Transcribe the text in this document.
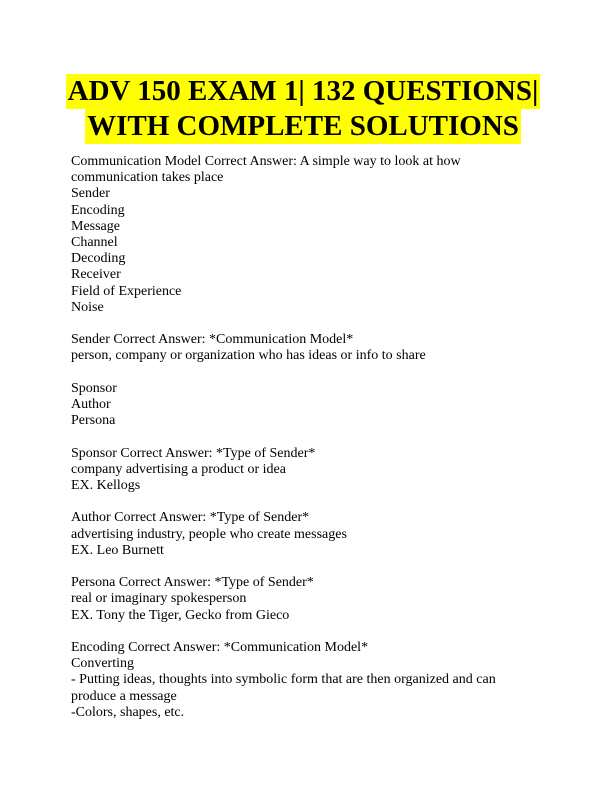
ADV 150 EXAM 1| 132 QUESTIONS|
WITH COMPLETE SOLUTIONS
Communication Model Correct Answer: A simple way to look at how
communication takes place
Sender
Encoding
Message
Channel
Decoding
Receiver
Field of Experience
Noise
Sender Correct Answer: *Communication Model*
person, company or organization who has ideas or info to share
Sponsor
Author
Persona
Sponsor Correct Answer: *Type of Sender*
company advertising a product or idea
EX. Kellogs
Author Correct Answer: *Type of Sender*
advertising industry, people who create messages
EX. Leo Burnett
Persona Correct Answer: *Type of Sender*
real or imaginary spokesperson
EX. Tony the Tiger, Gecko from Gieco
Encoding Correct Answer: *Communication Model*
Converting
- Putting ideas, thoughts into symbolic form that are then organized and can
produce a message
-Colors, shapes, etc.
